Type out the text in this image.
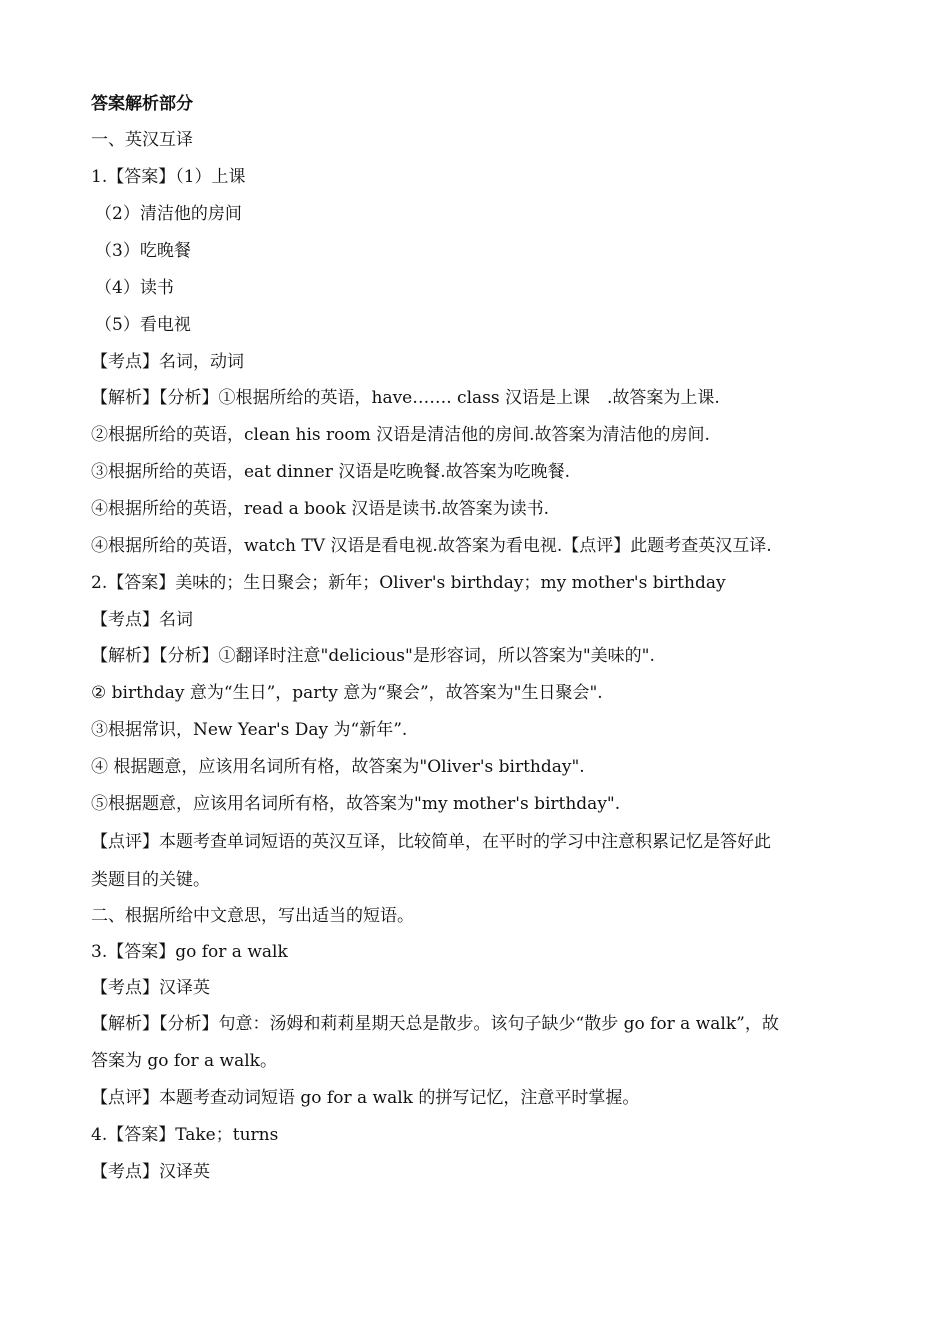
答案解析部分
一、英汉互译
1.【答案】（1）上课
（2）清洁他的房间
（3）吃晚餐
（4）读书
（5）看电视
【考点】名词，动词
【解析】【分析】①根据所给的英语，have……. class 汉语是上课　.故答案为上课.
②根据所给的英语，clean his room 汉语是清洁他的房间.故答案为清洁他的房间.
③根据所给的英语，eat dinner 汉语是吃晚餐.故答案为吃晚餐.
④根据所给的英语，read a book 汉语是读书.故答案为读书.
④根据所给的英语，watch TV 汉语是看电视.故答案为看电视.【点评】此题考查英汉互译.
2.【答案】美味的；生日聚会；新年；Oliver's birthday；my mother's birthday
【考点】名词
【解析】【分析】①翻译时注意"delicious"是形容词，所以答案为"美味的".
② birthday 意为“生日”，party 意为“聚会”，故答案为"生日聚会".
③根据常识，New Year's Day 为“新年”.
④ 根据题意，应该用名词所有格，故答案为"Oliver's birthday".
⑤根据题意，应该用名词所有格，故答案为"my mother's birthday".
【点评】本题考查单词短语的英汉互译，比较简单，在平时的学习中注意积累记忆是答好此
类题目的关键。
二、根据所给中文意思，写出适当的短语。
3.【答案】go for a walk
【考点】汉译英
【解析】【分析】句意：汤姆和莉莉星期天总是散步。该句子缺少“散步 go for a walk”，故
答案为 go for a walk。
【点评】本题考查动词短语 go for a walk 的拼写记忆，注意平时掌握。
4.【答案】Take；turns
【考点】汉译英
